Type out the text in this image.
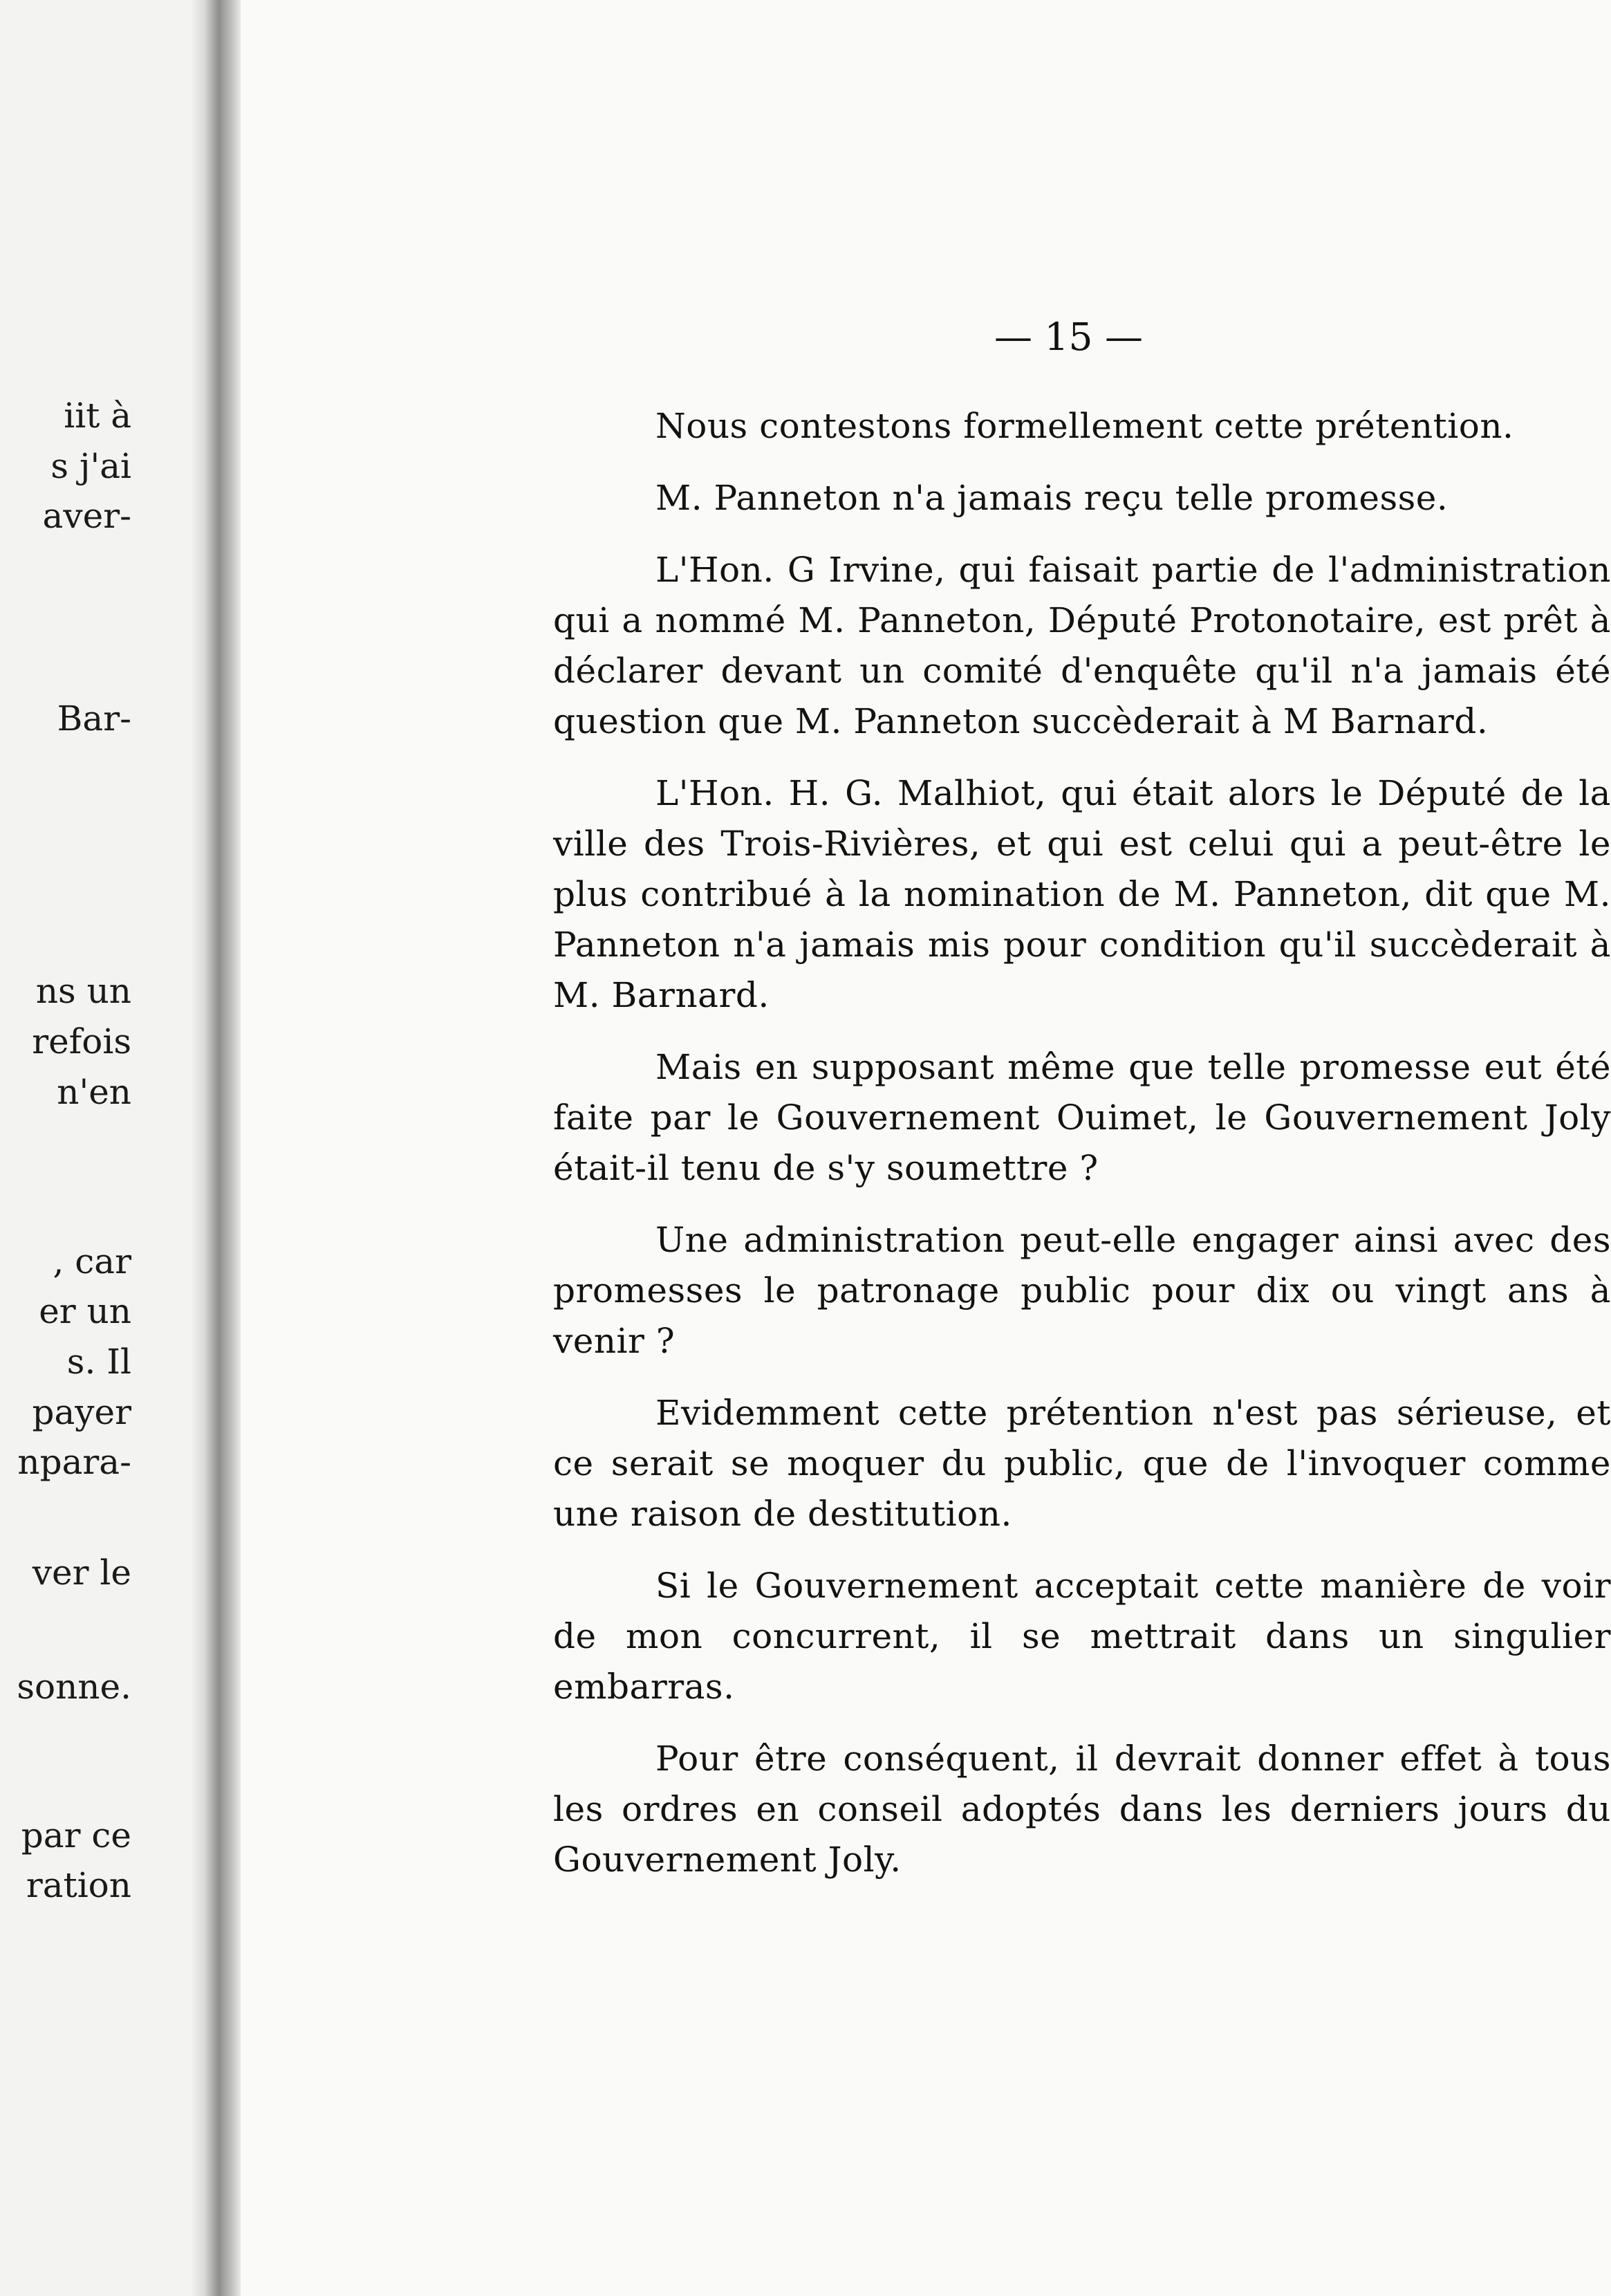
iit à
s j'ai
aver-
Bar-
ns un
refois
n'en
, car
er un
s. Il
payer
npara-
ver le
sonne.
par ce
ration
— 15 —

Nous contestons formellement cette prétention.

M. Panneton n'a jamais reçu telle promesse.

L'Hon. G Irvine, qui faisait partie de l'administration qui a nommé M. Panneton, Député Protonotaire, est prêt à déclarer devant un comité d'enquête qu'il n'a jamais été question que M. Panneton succèderait à M Barnard.

L'Hon. H. G. Malhiot, qui était alors le Député de la ville des Trois-Rivières, et qui est celui qui a peut-être le plus contribué à la nomination de M. Panneton, dit que M. Panneton n'a jamais mis pour condition qu'il succèderait à M. Barnard.

Mais en supposant même que telle promesse eut été faite par le Gouvernement Ouimet, le Gouvernement Joly était-il tenu de s'y soumettre ?

Une administration peut-elle engager ainsi avec des promesses le patronage public pour dix ou vingt ans à venir ?

Evidemment cette prétention n'est pas sérieuse, et ce serait se moquer du public, que de l'invoquer comme une raison de destitution.

Si le Gouvernement acceptait cette manière de voir de mon concurrent, il se mettrait dans un singulier embarras.

Pour être conséquent, il devrait donner effet à tous les ordres en conseil adoptés dans les derniers jours du Gouvernement Joly.
